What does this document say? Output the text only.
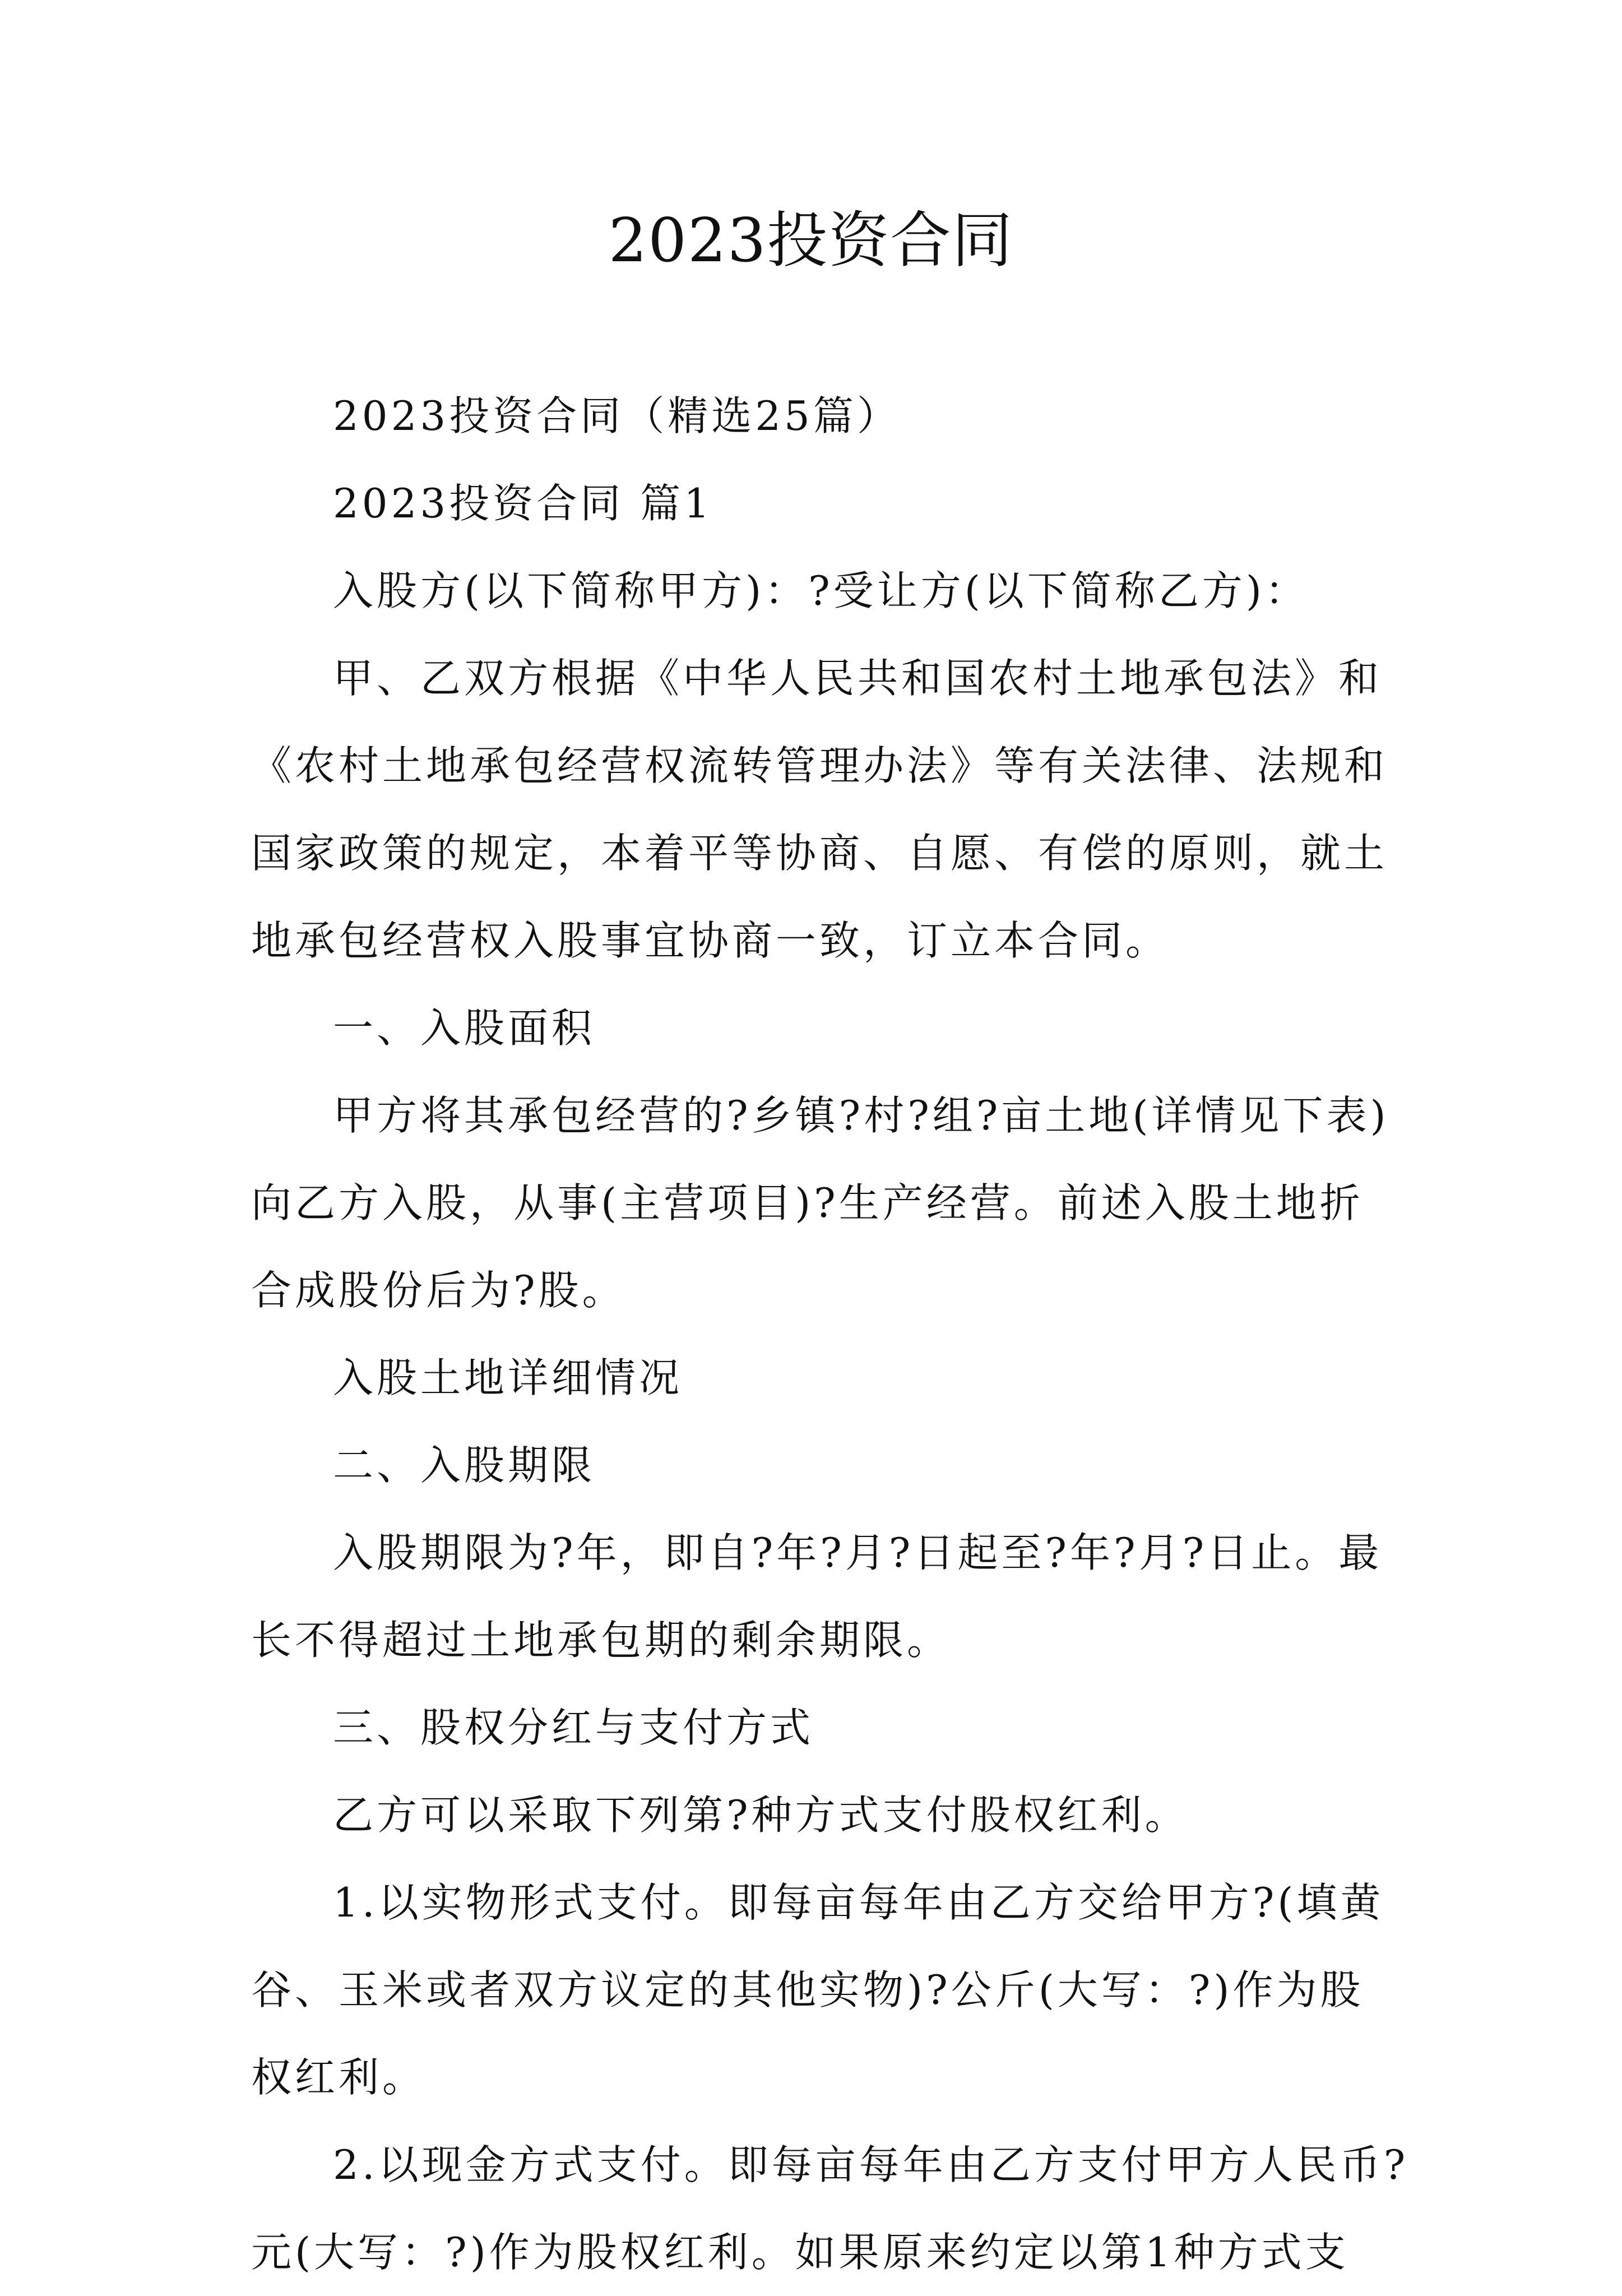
2023投资合同
2023投资合同（精选25篇）
2023投资合同 篇1
入股方(以下简称甲方)：?受让方(以下简称乙方)：
甲、乙双方根据《中华人民共和国农村土地承包法》和
《农村土地承包经营权流转管理办法》等有关法律、法规和
国家政策的规定，本着平等协商、自愿、有偿的原则，就土
地承包经营权入股事宜协商一致，订立本合同。
一、入股面积
甲方将其承包经营的?乡镇?村?组?亩土地(详情见下表)
向乙方入股，从事(主营项目)?生产经营。前述入股土地折
合成股份后为?股。
入股土地详细情况
二、入股期限
入股期限为?年，即自?年?月?日起至?年?月?日止。最
长不得超过土地承包期的剩余期限。
三、股权分红与支付方式
乙方可以采取下列第?种方式支付股权红利。
1.以实物形式支付。即每亩每年由乙方交给甲方?(填黄
谷、玉米或者双方议定的其他实物)?公斤(大写：?)作为股
权红利。
2.以现金方式支付。即每亩每年由乙方支付甲方人民币?
元(大写：?)作为股权红利。如果原来约定以第1种方式支
